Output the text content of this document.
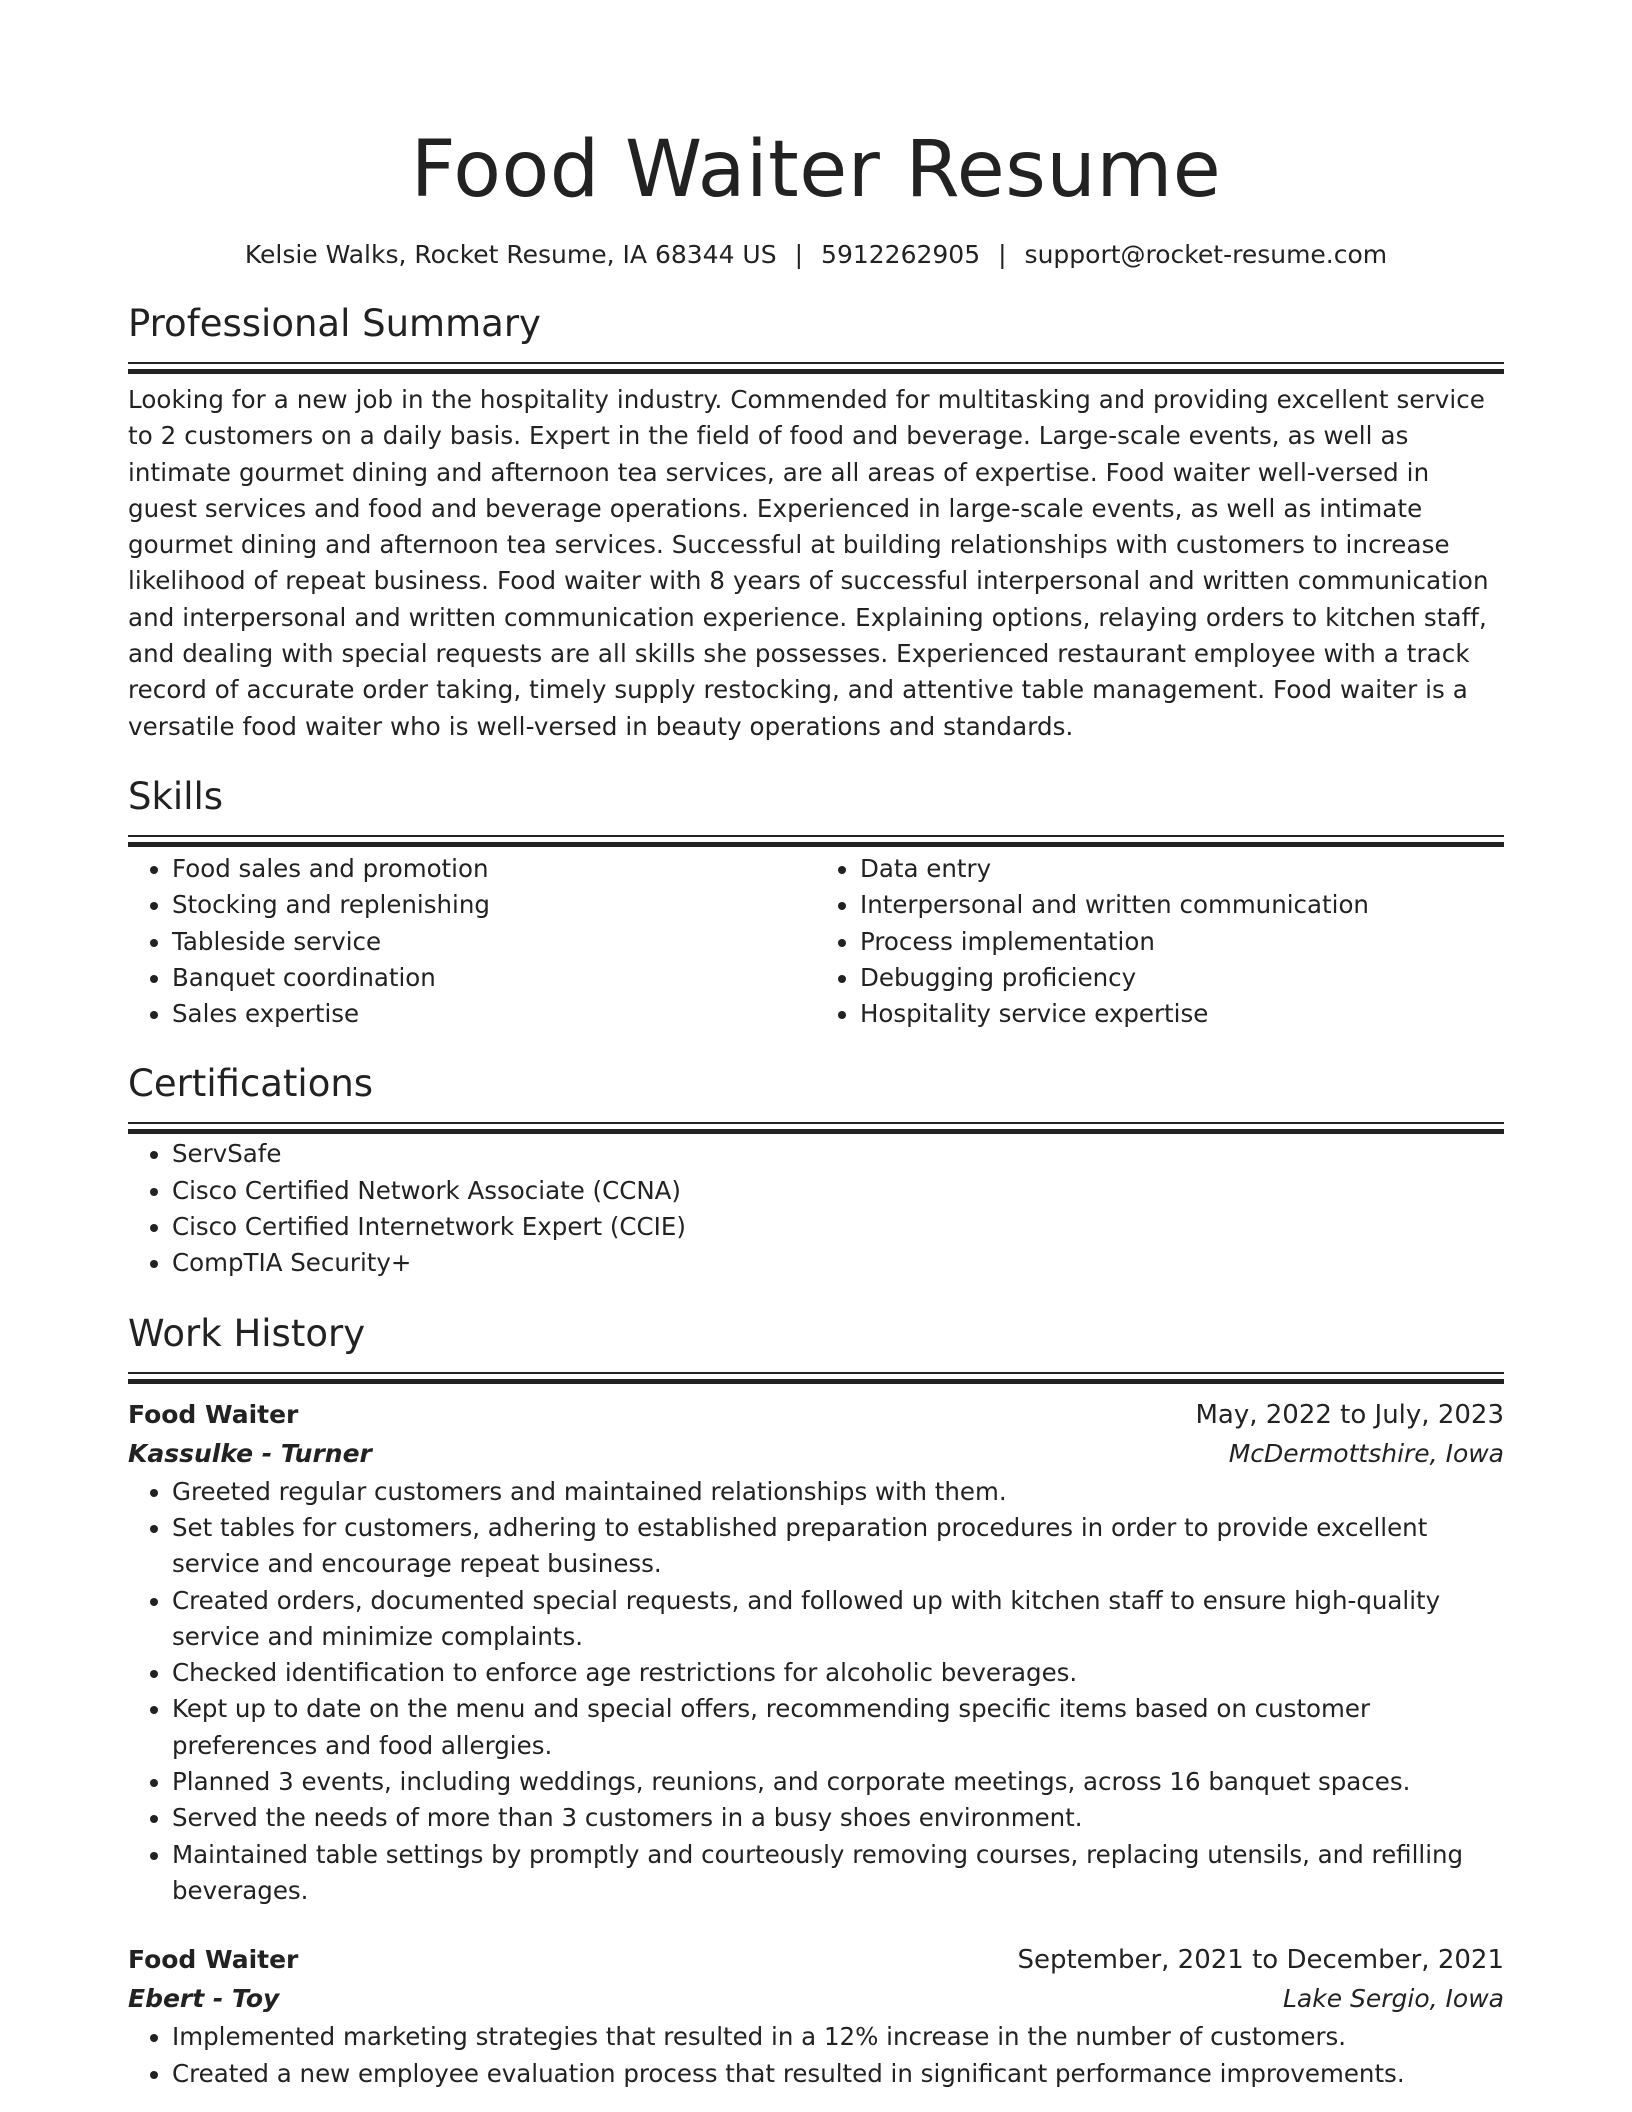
Food Waiter Resume
Kelsie Walks, Rocket Resume, IA 68344 US | 5912262905 | support@rocket-resume.com
Professional Summary
Looking for a new job in the hospitality industry. Commended for multitasking and providing excellent service to 2 customers on a daily basis. Expert in the field of food and beverage. Large-scale events, as well as intimate gourmet dining and afternoon tea services, are all areas of expertise. Food waiter well-versed in guest services and food and beverage operations. Experienced in large-scale events, as well as intimate gourmet dining and afternoon tea services. Successful at building relationships with customers to increase likelihood of repeat business. Food waiter with 8 years of successful interpersonal and written communication and interpersonal and written communication experience. Explaining options, relaying orders to kitchen staff, and dealing with special requests are all skills she possesses. Experienced restaurant employee with a track record of accurate order taking, timely supply restocking, and attentive table management. Food waiter is a versatile food waiter who is well-versed in beauty operations and standards.
Skills
• Food sales and promotion
• Stocking and replenishing
• Tableside service
• Banquet coordination
• Sales expertise
• Data entry
• Interpersonal and written communication
• Process implementation
• Debugging proficiency
• Hospitality service expertise
Certifications
• ServSafe
• Cisco Certified Network Associate (CCNA)
• Cisco Certified Internetwork Expert (CCIE)
• CompTIA Security+
Work History
Food Waiter	May, 2022 to July, 2023
Kassulke - Turner	McDermottshire, Iowa
• Greeted regular customers and maintained relationships with them.
• Set tables for customers, adhering to established preparation procedures in order to provide excellent service and encourage repeat business.
• Created orders, documented special requests, and followed up with kitchen staff to ensure high-quality service and minimize complaints.
• Checked identification to enforce age restrictions for alcoholic beverages.
• Kept up to date on the menu and special offers, recommending specific items based on customer preferences and food allergies.
• Planned 3 events, including weddings, reunions, and corporate meetings, across 16 banquet spaces.
• Served the needs of more than 3 customers in a busy shoes environment.
• Maintained table settings by promptly and courteously removing courses, replacing utensils, and refilling beverages.
Food Waiter	September, 2021 to December, 2021
Ebert - Toy	Lake Sergio, Iowa
• Implemented marketing strategies that resulted in a 12% increase in the number of customers.
• Created a new employee evaluation process that resulted in significant performance improvements.
